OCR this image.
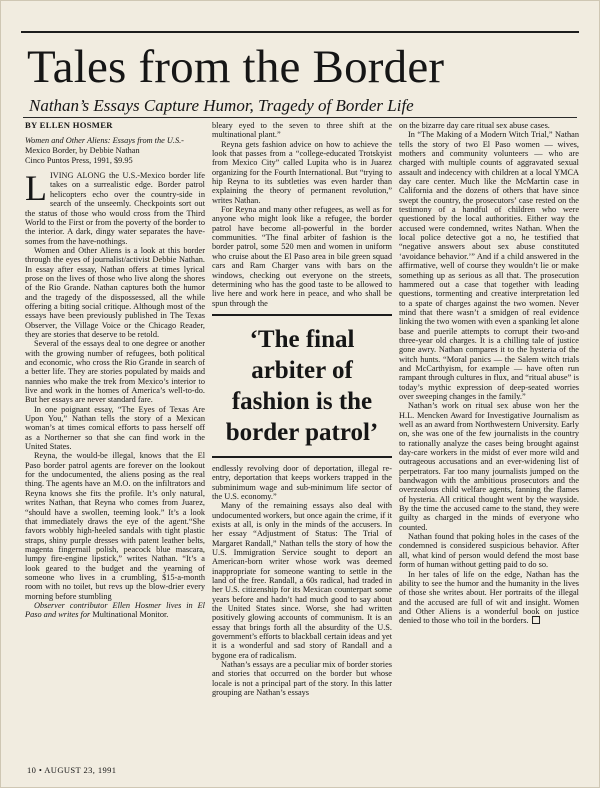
Tales from the Border
Nathan’s Essays Capture Humor, Tragedy of Border Life
BY ELLEN HOSMER
Women and Other Aliens: Essays from the U.S.-
Mexico Border, by Debbie Nathan
Cinco Puntos Press, 1991, $9.95

LIVING ALONG the U.S.-Mexico border life takes on a surrealistic edge. Border patrol helicopters echo over the country-side in search of the unseemly. Checkpoints sort out the status of those who would cross from the Third World to the First or from the poverty of the border to the interior. A dark, dingy water separates the have-somes from the have-nothings.

Women and Other Aliens is a look at this border through the eyes of journalist/activist Debbie Nathan. In essay after essay, Nathan offers at times lyrical prose on the lives of those who live along the shores of the Rio Grande. Nathan captures both the humor and the tragedy of the dispossessed, all the while offering a biting social critique. Although most of the essays have been previously published in The Texas Observer, the Village Voice or the Chicago Reader, they are stories that deserve to be retold.

Several of the essays deal to one degree or another with the growing number of refugees, both political and economic, who cross the Rio Grande in search of a better life. They are stories populated by maids and nannies who make the trek from Mexico’s interior to live and work in the homes of America’s well-to-do. But her essays are never standard fare.

In one poignant essay, “The Eyes of Texas Are Upon You,” Nathan tells the story of a Mexican woman’s at times comical efforts to pass herself off as a Northerner so that she can find work in the United States.

Reyna, the would-be illegal, knows that the El Paso border patrol agents are forever on the lookout for the undocumented, the aliens posing as the real thing. The agents have an M.O. on the infiltrators and Reyna knows she fits the profile. It’s only natural, writes Nathan, that Reyna who comes from Juarez, “should have a swollen, teeming look.” It’s a look that immediately draws the eye of the agent.“She favors wobbly high-heeled sandals with tight plastic straps, shiny purple dresses with patent leather belts, magenta fingernail polish, peacock blue mascara, lumpy fire-engine lipstick,” writes Nathan. “It’s a look geared to the budget and the yearning of someone who lives in a crumbling, $15-a-month room with no toilet, but revs up the blow-drier every morning before stumbling

Observer contributor Ellen Hosmer lives in El Paso and writes for Multinational Monitor.

bleary eyed to the seven to three shift at the multinational plant.”

Reyna gets fashion advice on how to achieve the look that passes from a “college-educated Trotskyist from Mexico City” called Lupita who is in Juarez organizing for the Fourth International. But “trying to hip Reyna to its subtleties was even harder than explaining the theory of permanent revolution,” writes Nathan.

For Reyna and many other refugees, as well as for anyone who might look like a refugee, the border patrol have become all-powerful in the border communities. “The final arbiter of fashion is the border patrol, some 520 men and women in uniform who cruise about the El Paso area in bile green squad cars and Ram Charger vans with bars on the windows, checking out everyone on the streets, determining who has the good taste to be allowed to live here and work here in peace, and who shall be spun through the

‘The final arbiter of fashion is the border patrol’

endlessly revolving door of deportation, illegal re-entry, deportation that keeps workers trapped in the subminimum wage and sub-minimum life sector of the U.S. economy.”

Many of the remaining essays also deal with undocumented workers, but once again the crime, if it exists at all, is only in the minds of the accusers. In her essay “Adjustment of Status: The Trial of Margaret Randall,” Nathan tells the story of how the U.S. Immigration Service sought to deport an American-born writer whose work was deemed inappropriate for someone wanting to settle in the land of the free. Randall, a 60s radical, had traded in her U.S. citizenship for its Mexican counterpart some years before and hadn’t had much good to say about the United States since. Worse, she had written positively glowing accounts of communism. It is an essay that brings forth all the absurdity of the U.S. government’s efforts to blackball certain ideas and yet it is a wonderful and sad story of Randall and a bygone era of radicalism.

Nathan’s essays are a peculiar mix of border stories and stories that occurred on the border but whose locale is not a principal part of the story. In this latter grouping are Nathan’s essays

on the bizarre day care ritual sex abuse cases.

In “The Making of a Modern Witch Trial,” Nathan tells the story of two El Paso women — wives, mothers and community volunteers — who are charged with multiple counts of aggravated sexual assault and indecency with children at a local YMCA day care center. Much like the McMartin case in California and the dozens of others that have since swept the country, the prosecutors’ case rested on the testimony of a handful of children who were questioned by the local authorities. Either way the accused were condemned, writes Nathan. When the local police detective got a no, he testified that “negative answers about sex abuse constituted ‘avoidance behavior.’” And if a child answered in the affirmative, well of course they wouldn’t lie or make something up as serious as all that. The prosecution hammered out a case that together with leading questions, tormenting and creative interpretation led to a spate of charges against the two women. Never mind that there wasn’t a smidgen of real evidence linking the two women with even a spanking let alone base and puerile attempts to corrupt their two-and three-year old charges. It is a chilling tale of justice gone awry. Nathan compares it to the hysteria of the witch hunts. “Moral panics — the Salem witch trials and McCarthyism, for example — have often run rampant through cultures in flux, and “ritual abuse” is today’s mythic expression of deep-seated worries over sweeping changes in the family.”

Nathan’s work on ritual sex abuse won her the H.L. Mencken Award for Investigative Journalism as well as an award from Northwestern University. Early on, she was one of the few journalists in the country to rationally analyze the cases being brought against day-care workers in the midst of ever more wild and outrageous accusations and an ever-widening list of perpetrators. Far too many journalists jumped on the bandwagon with the ambitious prosecutors and the overzealous child welfare agents, fanning the flames of hysteria. All critical thought went by the wayside. By the time the accused came to the stand, they were guilty as charged in the minds of everyone who counted.

Nathan found that poking holes in the cases of the condemned is considered suspicious behavior. After all, what kind of person would defend the most base form of human without getting paid to do so.

In her tales of life on the edge, Nathan has the ability to see the humor and the humanity in the lives of those she writes about. Her portraits of the illegal and the accused are full of wit and insight. Women and Other Aliens is a wonderful book on justice denied to those who toil in the borders.

10 • AUGUST 23, 1991
